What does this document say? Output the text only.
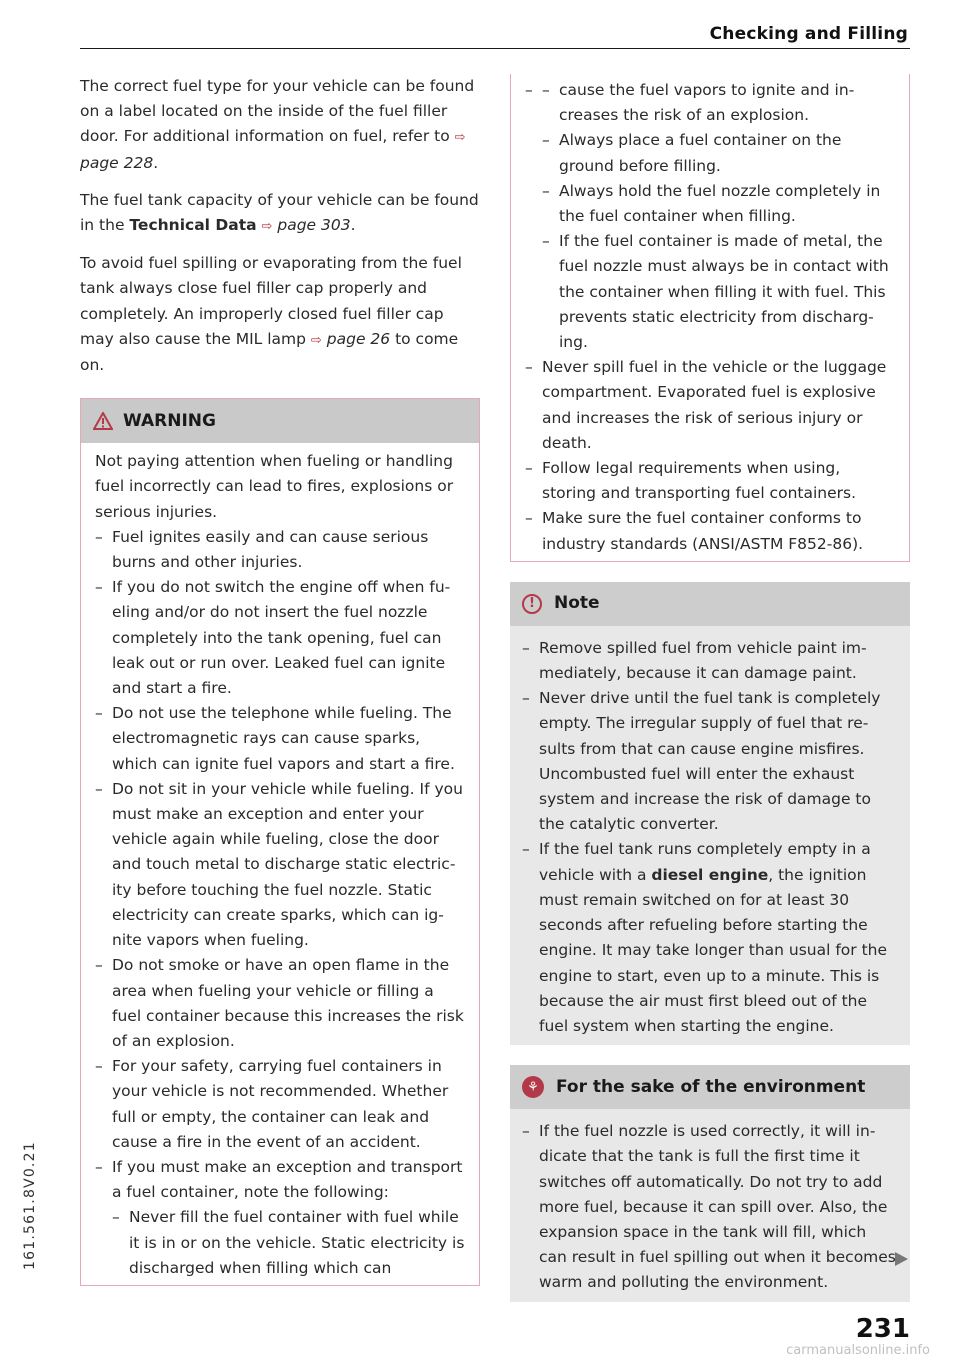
Checking and Filling

The correct fuel type for your vehicle can be found on a label located on the inside of the fuel filler door. For additional information on fuel, refer to ⇨ page 228.

The fuel tank capacity of your vehicle can be found in the Technical Data ⇨ page 303.

To avoid fuel spilling or evaporating from the fuel tank always close fuel filler cap properly and completely. An improperly closed fuel filler cap may also cause the MIL lamp ⇨ page 26 to come on.

WARNING
Not paying attention when fueling or handling fuel incorrectly can lead to fires, explosions or serious injuries.
– Fuel ignites easily and can cause serious burns and other injuries.
– If you do not switch the engine off when fueling and/or do not insert the fuel nozzle completely into the tank opening, fuel can leak out or run over. Leaked fuel can ignite and start a fire.
– Do not use the telephone while fueling. The electromagnetic rays can cause sparks, which can ignite fuel vapors and start a fire.
– Do not sit in your vehicle while fueling. If you must make an exception and enter your vehicle again while fueling, close the door and touch metal to discharge static electricity before touching the fuel nozzle. Static electricity can create sparks, which can ignite vapors when fueling.
– Do not smoke or have an open flame in the area when fueling your vehicle or filling a fuel container because this increases the risk of an explosion.
– For your safety, carrying fuel containers in your vehicle is not recommended. Whether full or empty, the container can leak and cause a fire in the event of an accident.
– If you must make an exception and transport a fuel container, note the following:
– Never fill the fuel container with fuel while it is in or on the vehicle. Static electricity is discharged when filling which can
– – cause the fuel vapors to ignite and increases the risk of an explosion.
– Always place a fuel container on the ground before filling.
– Always hold the fuel nozzle completely in the fuel container when filling.
– If the fuel container is made of metal, the fuel nozzle must always be in contact with the container when filling it with fuel. This prevents static electricity from discharging.
– Never spill fuel in the vehicle or the luggage compartment. Evaporated fuel is explosive and increases the risk of serious injury or death.
– Follow legal requirements when using, storing and transporting fuel containers.
– Make sure the fuel container conforms to industry standards (ANSI/ASTM F852-86).
!	Note
– Remove spilled fuel from vehicle paint immediately, because it can damage paint.
– Never drive until the fuel tank is completely empty. The irregular supply of fuel that results from that can cause engine misfires. Uncombusted fuel will enter the exhaust system and increase the risk of damage to the catalytic converter.
– If the fuel tank runs completely empty in a vehicle with a diesel engine, the ignition must remain switched on for at least 30 seconds after refueling before starting the engine. It may take longer than usual for the engine to start, even up to a minute. This is because the air must first bleed out of the fuel system when starting the engine.
⚘	For the sake of the environment
– If the fuel nozzle is used correctly, it will indicate that the tank is full the first time it switches off automatically. Do not try to add more fuel, because it can spill over. Also, the expansion space in the tank will fill, which can result in fuel spilling out when it becomes warm and polluting the environment.
161.561.8V0.21
231
carmanualsonline.info
